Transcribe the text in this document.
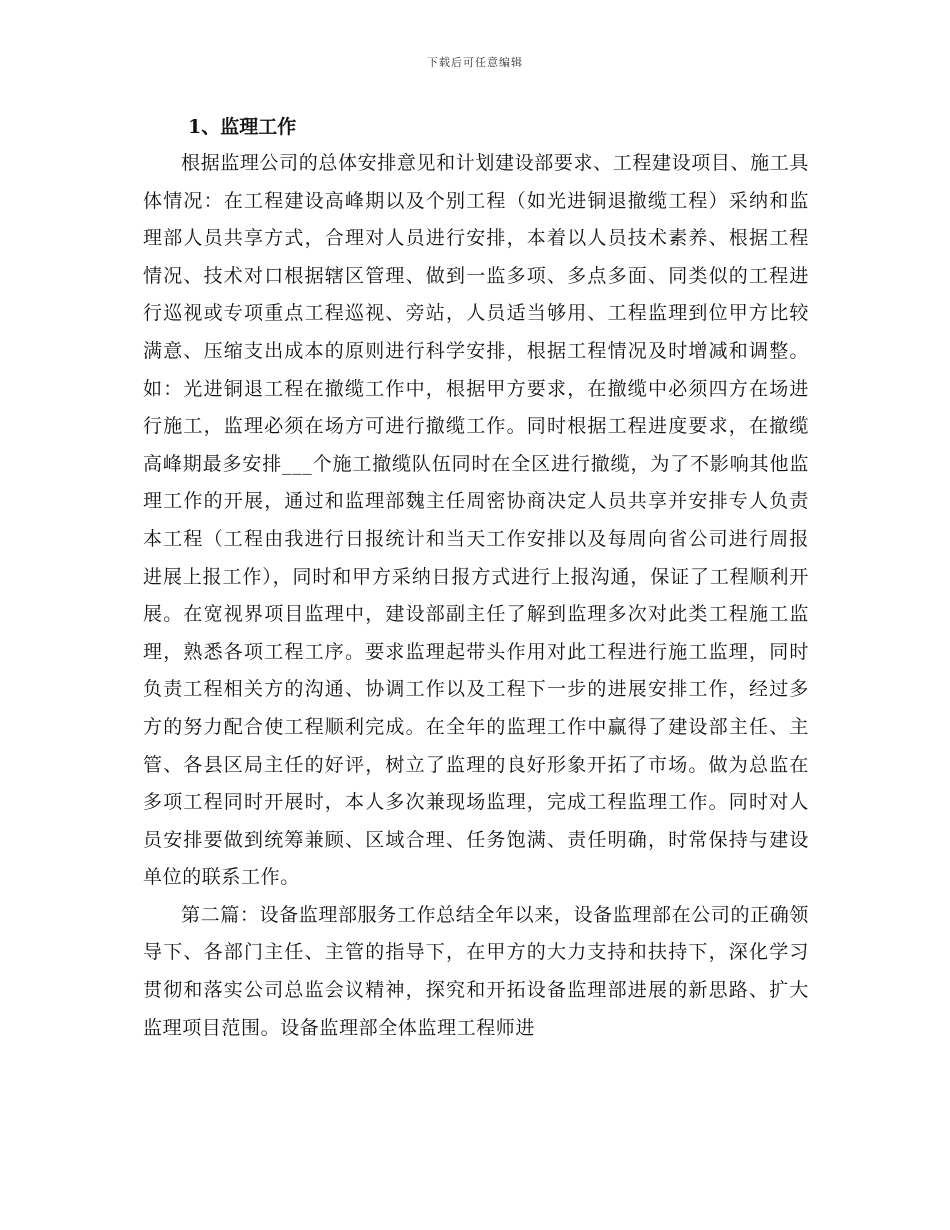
下载后可任意编辑
1、监理工作

根据监理公司的总体安排意见和计划建设部要求、工程建设项目、施工具体情况：在工程建设高峰期以及个别工程（如光进铜退撤缆工程）采纳和监理部人员共享方式，合理对人员进行安排，本着以人员技术素养、根据工程情况、技术对口根据辖区管理、做到一监多项、多点多面、同类似的工程进行巡视或专项重点工程巡视、旁站，人员适当够用、工程监理到位甲方比较满意、压缩支出成本的原则进行科学安排，根据工程情况及时增减和调整。如：光进铜退工程在撤缆工作中，根据甲方要求，在撤缆中必须四方在场进行施工，监理必须在场方可进行撤缆工作。同时根据工程进度要求，在撤缆高峰期最多安排___个施工撤缆队伍同时在全区进行撤缆，为了不影响其他监理工作的开展，通过和监理部魏主任周密协商决定人员共享并安排专人负责本工程（工程由我进行日报统计和当天工作安排以及每周向省公司进行周报进展上报工作），同时和甲方采纳日报方式进行上报沟通，保证了工程顺利开展。在宽视界项目监理中，建设部副主任了解到监理多次对此类工程施工监理，熟悉各项工程工序。要求监理起带头作用对此工程进行施工监理，同时负责工程相关方的沟通、协调工作以及工程下一步的进展安排工作，经过多方的努力配合使工程顺利完成。在全年的监理工作中赢得了建设部主任、主管、各县区局主任的好评，树立了监理的良好形象开拓了市场。做为总监在多项工程同时开展时，本人多次兼现场监理，完成工程监理工作。同时对人员安排要做到统筹兼顾、区域合理、任务饱满、责任明确，时常保持与建设单位的联系工作。

第二篇：设备监理部服务工作总结全年以来，设备监理部在公司的正确领导下、各部门主任、主管的指导下，在甲方的大力支持和扶持下，深化学习贯彻和落实公司总监会议精神，探究和开拓设备监理部进展的新思路、扩大监理项目范围。设备监理部全体监理工程师进
